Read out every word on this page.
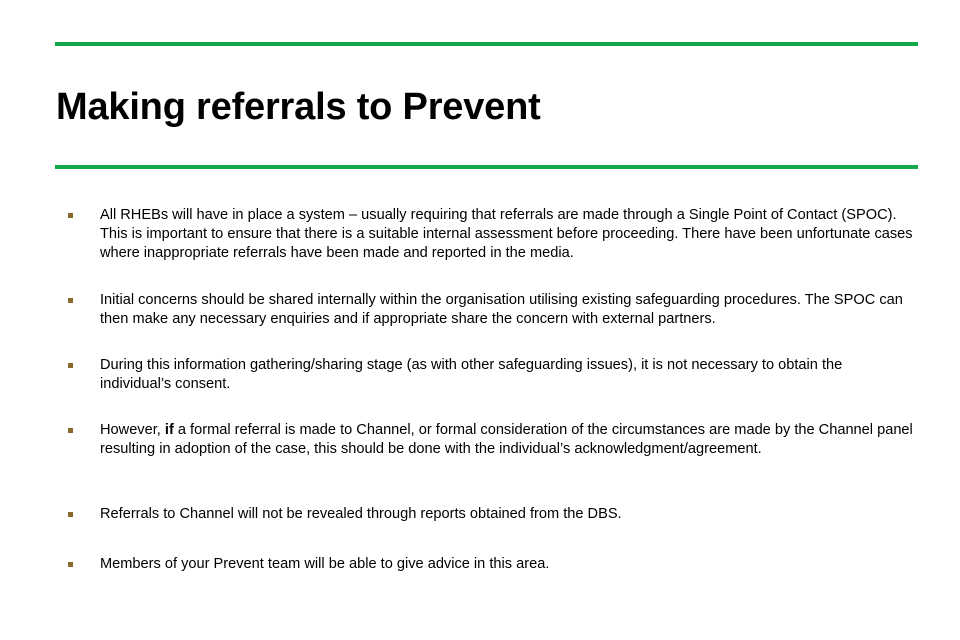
Making referrals to Prevent
All RHEBs will have in place a system – usually requiring that referrals are made through a Single Point of Contact (SPOC). This is important to ensure that there is a suitable internal assessment before proceeding. There have been unfortunate cases where inappropriate referrals have been made and reported in the media.
Initial concerns should be shared internally within the organisation utilising existing safeguarding procedures. The SPOC can then make any necessary enquiries and if appropriate share the concern with external partners.
During this information gathering/sharing stage (as with other safeguarding issues), it is not necessary to obtain the individual’s consent.
However, if a formal referral is made to Channel, or formal consideration of the circumstances are made by the Channel panel resulting in adoption of the case, this should be done with the individual’s acknowledgment/agreement.
Referrals to Channel will not be revealed through reports obtained from the DBS.
Members of your Prevent team will be able to give advice in this area.
